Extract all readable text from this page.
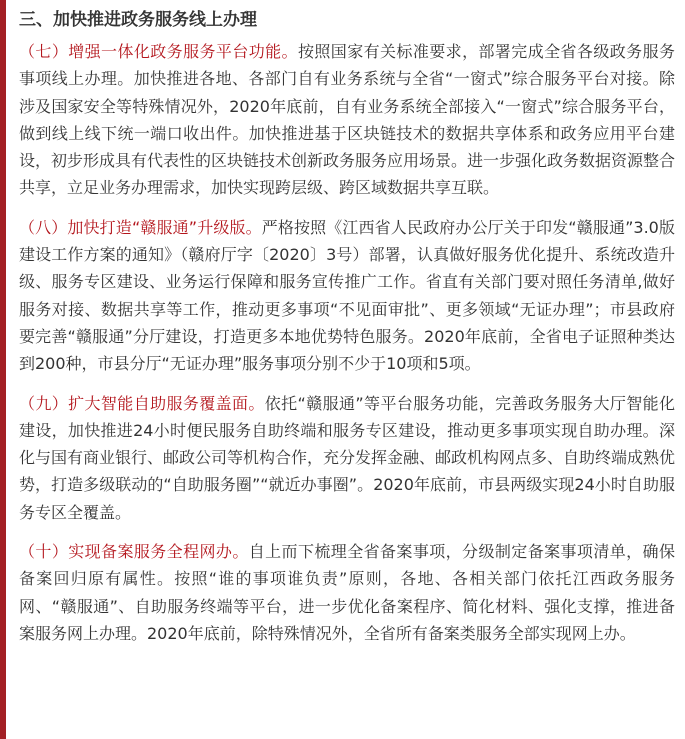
三、加快推进政务服务线上办理

（七）增强一体化政务服务平台功能。按照国家有关标准要求，部署完成全省各级政务服务事项线上办理。加快推进各地、各部门自有业务系统与全省“一窗式”综合服务平台对接。除涉及国家安全等特殊情况外，2020年底前，自有业务系统全部接入“一窗式”综合服务平台，做到线上线下统一端口收出件。加快推进基于区块链技术的数据共享体系和政务应用平台建设，初步形成具有代表性的区块链技术创新政务服务应用场景。进一步强化政务数据资源整合共享，立足业务办理需求，加快实现跨层级、跨区域数据共享互联。

（八）加快打造“赣服通”升级版。严格按照《江西省人民政府办公厅关于印发“赣服通”3.0版建设工作方案的通知》（赣府厅字〔2020〕3号）部署，认真做好服务优化提升、系统改造升级、服务专区建设、业务运行保障和服务宣传推广工作。省直有关部门要对照任务清单,做好服务对接、数据共享等工作，推动更多事项“不见面审批”、更多领域“无证办理”；市县政府要完善“赣服通”分厅建设，打造更多本地优势特色服务。2020年底前，全省电子证照种类达到200种，市县分厅“无证办理”服务事项分别不少于10项和5项。

（九）扩大智能自助服务覆盖面。依托“赣服通”等平台服务功能，完善政务服务大厅智能化建设，加快推进24小时便民服务自助终端和服务专区建设，推动更多事项实现自助办理。深化与国有商业银行、邮政公司等机构合作，充分发挥金融、邮政机构网点多、自助终端成熟优势，打造多级联动的“自助服务圈”“就近办事圈”。2020年底前，市县两级实现24小时自助服务专区全覆盖。

（十）实现备案服务全程网办。自上而下梳理全省备案事项，分级制定备案事项清单，确保备案回归原有属性。按照“谁的事项谁负责”原则，各地、各相关部门依托江西政务服务网、“赣服通”、自助服务终端等平台，进一步优化备案程序、简化材料、强化支撑，推进备案服务网上办理。2020年底前，除特殊情况外，全省所有备案类服务全部实现网上办。
